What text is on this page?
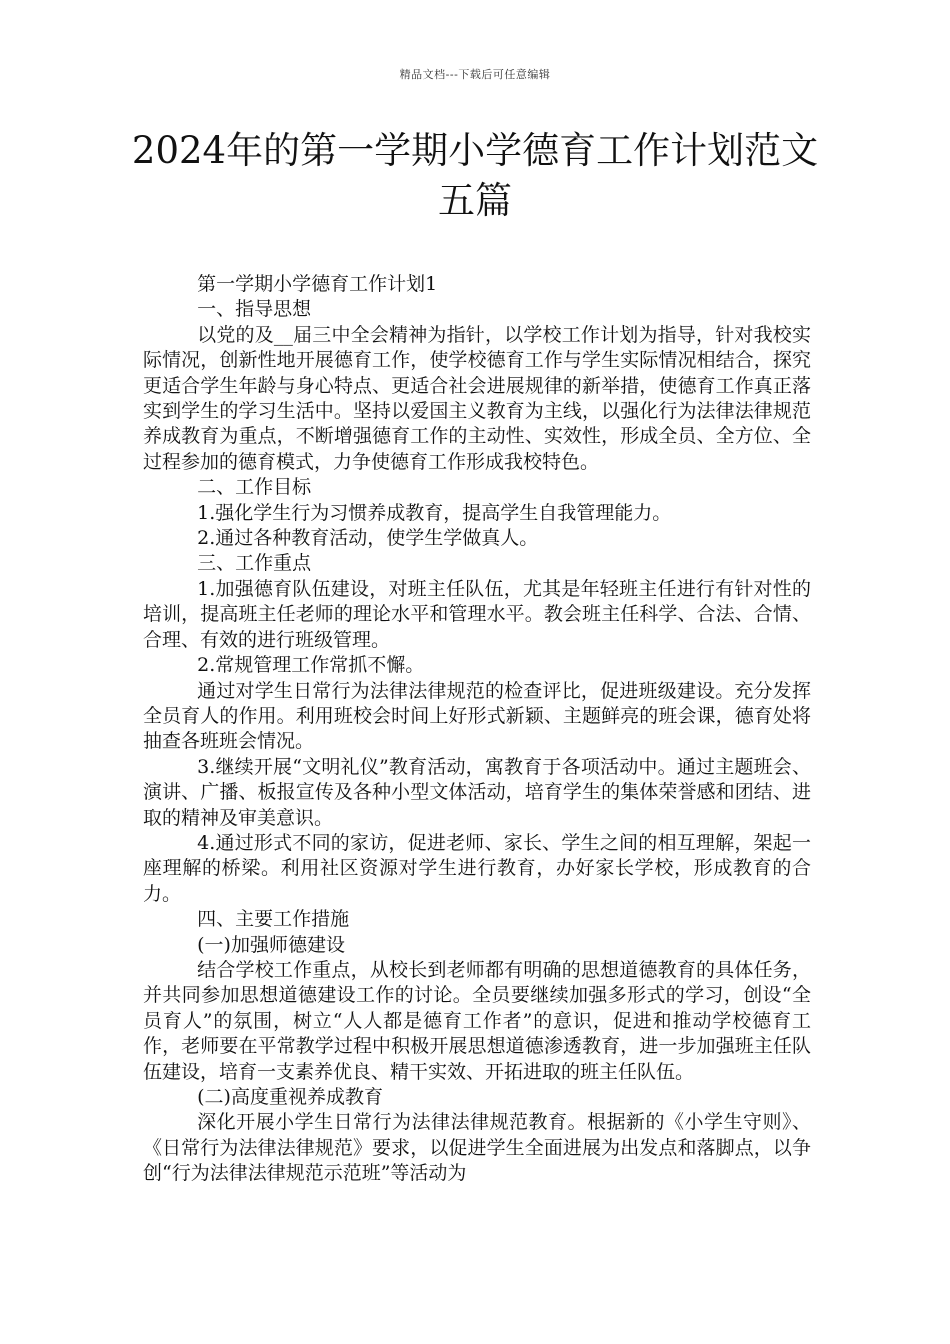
精品文档---下载后可任意编辑
2024年的第一学期小学德育工作计划范文五篇

第一学期小学德育工作计划1

一、指导思想

以党的及__届三中全会精神为指针，以学校工作计划为指导，针对我校实际情况，创新性地开展德育工作，使学校德育工作与学生实际情况相结合，探究更适合学生年龄与身心特点、更适合社会进展规律的新举措，使德育工作真正落实到学生的学习生活中。坚持以爱国主义教育为主线，以强化行为法律法律规范养成教育为重点，不断增强德育工作的主动性、实效性，形成全员、全方位、全过程参加的德育模式，力争使德育工作形成我校特色。

二、工作目标

1.强化学生行为习惯养成教育，提高学生自我管理能力。

2.通过各种教育活动，使学生学做真人。

三、工作重点

1.加强德育队伍建设，对班主任队伍，尤其是年轻班主任进行有针对性的培训，提高班主任老师的理论水平和管理水平。教会班主任科学、合法、合情、合理、有效的进行班级管理。

2.常规管理工作常抓不懈。

通过对学生日常行为法律法律规范的检查评比，促进班级建设。充分发挥全员育人的作用。利用班校会时间上好形式新颖、主题鲜亮的班会课，德育处将抽查各班班会情况。

3.继续开展“文明礼仪”教育活动，寓教育于各项活动中。通过主题班会、演讲、广播、板报宣传及各种小型文体活动，培育学生的集体荣誉感和团结、进取的精神及审美意识。

4.通过形式不同的家访，促进老师、家长、学生之间的相互理解，架起一座理解的桥梁。利用社区资源对学生进行教育，办好家长学校，形成教育的合力。

四、主要工作措施

(一)加强师德建设

结合学校工作重点，从校长到老师都有明确的思想道德教育的具体任务，并共同参加思想道德建设工作的讨论。全员要继续加强多形式的学习，创设“全员育人”的氛围，树立“人人都是德育工作者”的意识，促进和推动学校德育工作，老师要在平常教学过程中积极开展思想道德渗透教育，进一步加强班主任队伍建设，培育一支素养优良、精干实效、开拓进取的班主任队伍。

(二)高度重视养成教育

深化开展小学生日常行为法律法律规范教育。根据新的《小学生守则》、《日常行为法律法律规范》要求，以促进学生全面进展为出发点和落脚点，以争创“行为法律法律规范示范班”等活动为
